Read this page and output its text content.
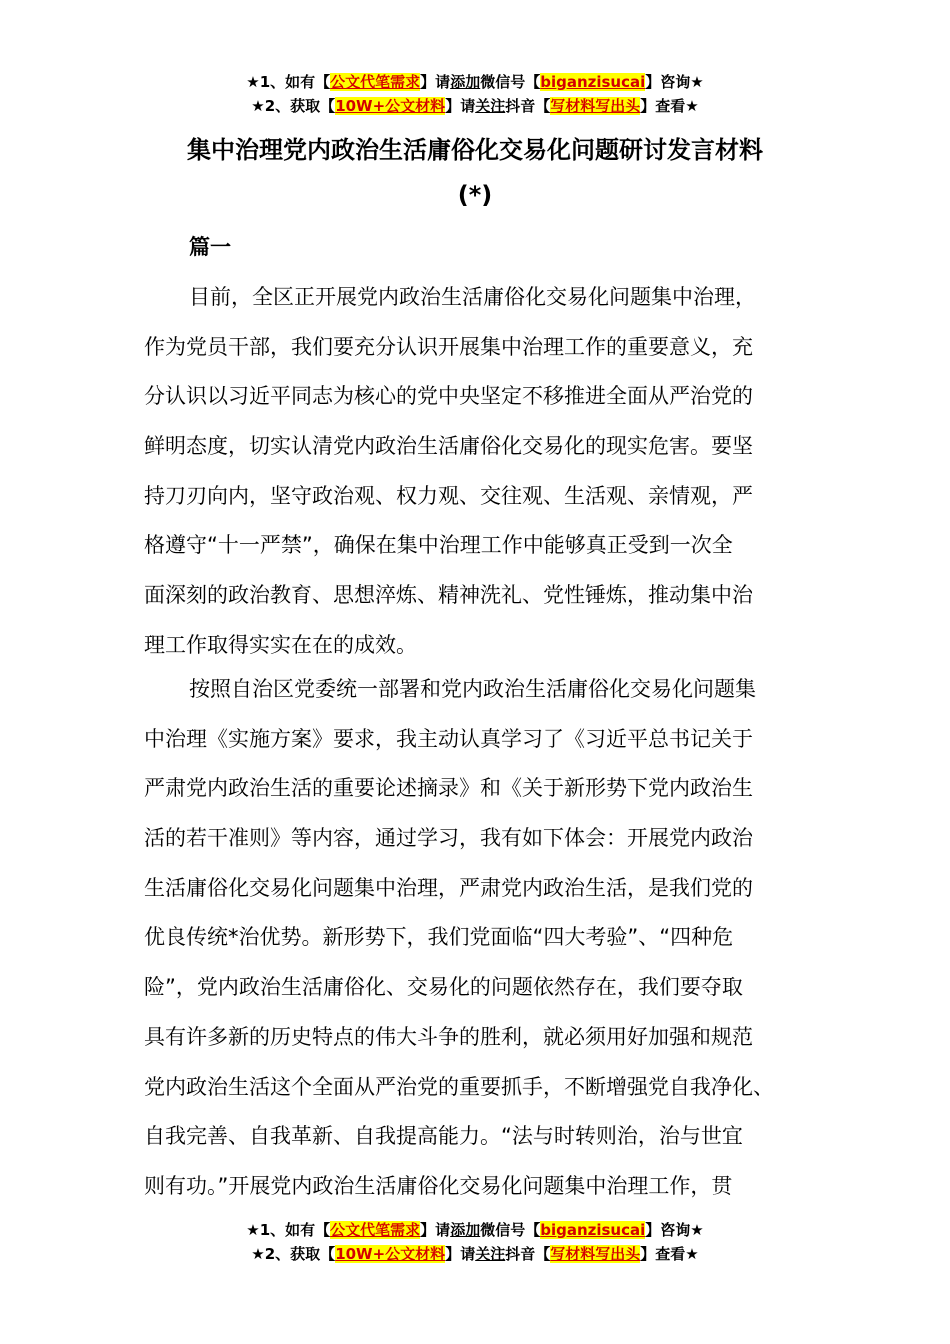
★1、如有【公文代笔需求】请添加微信号【biganzisucai】咨询★
★2、获取【10W+公文材料】请关注抖音【写材料写出头】查看★
集中治理党内政治生活庸俗化交易化问题研讨发言材料
(*)
篇一
目前，全区正开展党内政治生活庸俗化交易化问题集中治理，
作为党员干部，我们要充分认识开展集中治理工作的重要意义，充
分认识以习近平同志为核心的党中央坚定不移推进全面从严治党的
鲜明态度，切实认清党内政治生活庸俗化交易化的现实危害。要坚
持刀刃向内，坚守政治观、权力观、交往观、生活观、亲情观，严
格遵守“十一严禁”，确保在集中治理工作中能够真正受到一次全
面深刻的政治教育、思想淬炼、精神洗礼、党性锤炼，推动集中治
理工作取得实实在在的成效。
按照自治区党委统一部署和党内政治生活庸俗化交易化问题集
中治理《实施方案》要求，我主动认真学习了《习近平总书记关于
严肃党内政治生活的重要论述摘录》和《关于新形势下党内政治生
活的若干准则》等内容，通过学习，我有如下体会：开展党内政治
生活庸俗化交易化问题集中治理，严肃党内政治生活，是我们党的
优良传统*治优势。新形势下，我们党面临“四大考验”、“四种危
险”，党内政治生活庸俗化、交易化的问题依然存在，我们要夺取
具有许多新的历史特点的伟大斗争的胜利，就必须用好加强和规范
党内政治生活这个全面从严治党的重要抓手，不断增强党自我净化、
自我完善、自我革新、自我提高能力。“法与时转则治，治与世宜
则有功。”开展党内政治生活庸俗化交易化问题集中治理工作，贯
★1、如有【公文代笔需求】请添加微信号【biganzisucai】咨询★
★2、获取【10W+公文材料】请关注抖音【写材料写出头】查看★
